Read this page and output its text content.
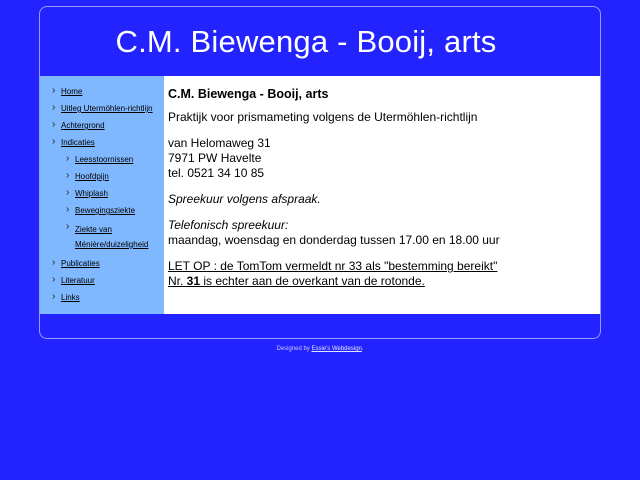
C.M. Biewenga - Booij, arts
› Home
› Uitleg Utermöhlen-richtlijn
› Achtergrond
› Indicaties
› Leesstoornissen
› Hoofdpijn
› Whiplash
› Bewegingsziekte
› Ziekte van Ménière/duizeligheid
› Publicaties
› Literatuur
› Links

C.M. Biewenga - Booij, arts

Praktijk voor prismameting volgens de Utermöhlen-richtlijn

van Helomaweg 31
7971 PW Havelte
tel. 0521 34 10 85

Spreekuur volgens afspraak.

Telefonisch spreekuur:
maandag, woensdag en donderdag tussen 17.00 en 18.00 uur

LET OP : de TomTom vermeldt nr 33 als "bestemming bereikt"
Nr. 31 is echter aan de overkant van de rotonde.

Designed by Essie's Webdesign.
